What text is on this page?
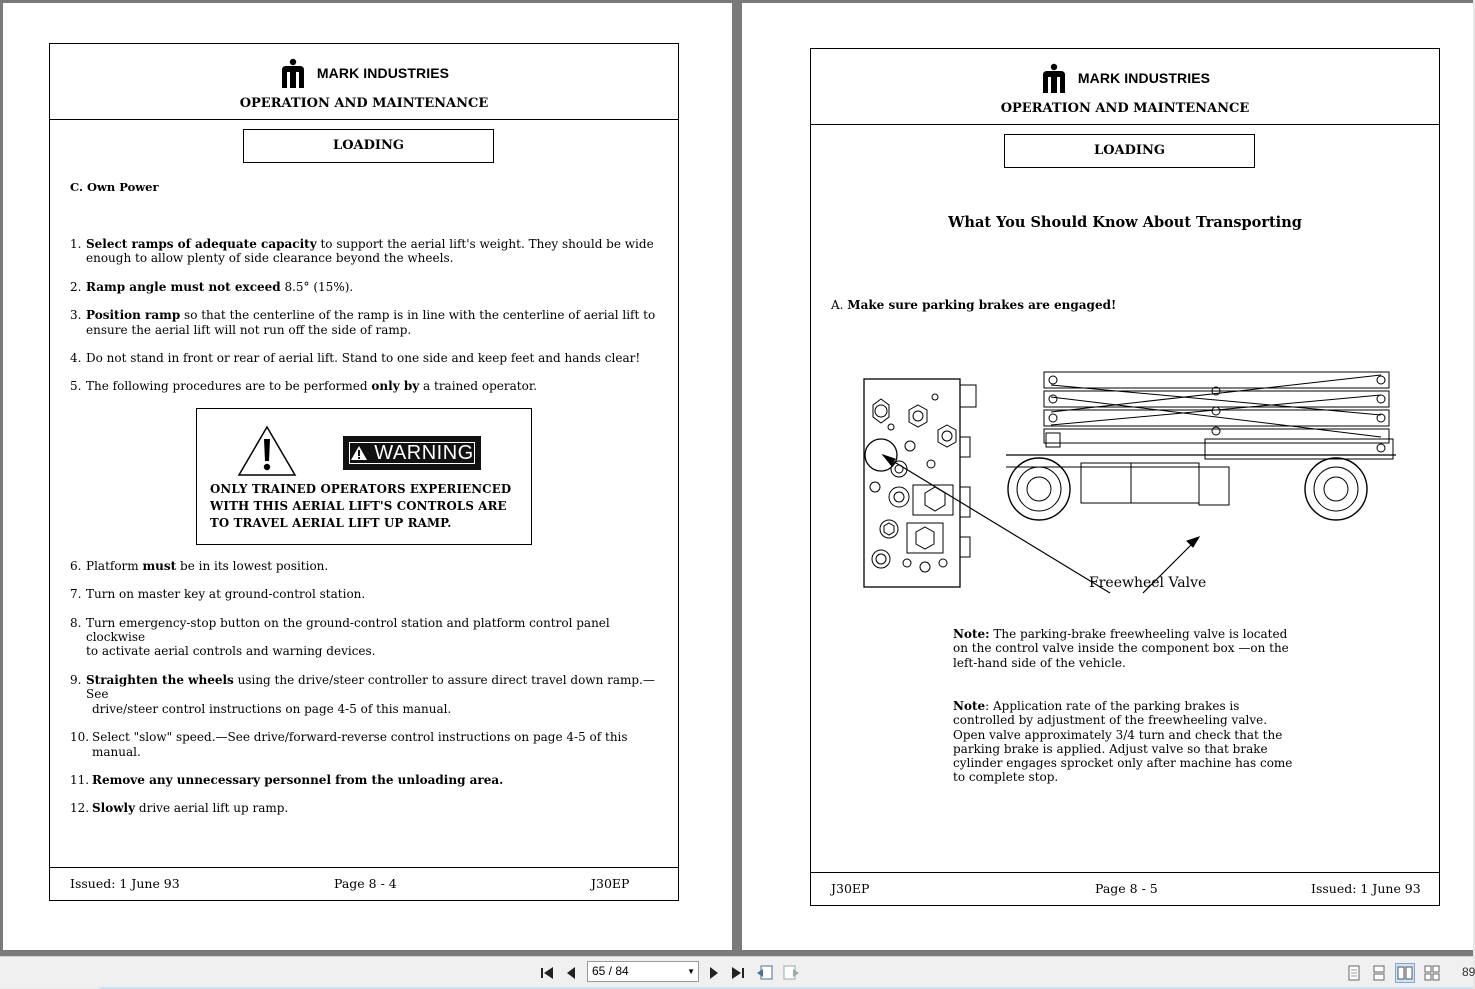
MARK INDUSTRIES
OPERATION AND MAINTENANCE
LOADING
C. Own Power
1. Select ramps of adequate capacity to support the aerial lift's weight. They should be wide
enough to allow plenty of side clearance beyond the wheels.
2. Ramp angle must not exceed 8.5° (15%).
3. Position ramp so that the centerline of the ramp is in line with the centerline of aerial lift to
ensure the aerial lift will not run off the side of ramp.
4. Do not stand in front or rear of aerial lift. Stand to one side and keep feet and hands clear!
5. The following procedures are to be performed only by a trained operator.
WARNING
ONLY TRAINED OPERATORS EXPERIENCED WITH THIS AERIAL LIFT'S CONTROLS ARE TO TRAVEL AERIAL LIFT UP RAMP.
6. Platform must be in its lowest position.
7. Turn on master key at ground-control station.
8. Turn emergency-stop button on the ground-control station and platform control panel clockwise
to activate aerial controls and warning devices.
9. Straighten the wheels using the drive/steer controller to assure direct travel down ramp.—See
drive/steer control instructions on page 4-5 of this manual.
10. Select "slow" speed.—See drive/forward-reverse control instructions on page 4-5 of this manual.
11. Remove any unnecessary personnel from the unloading area.
12. Slowly drive aerial lift up ramp.
Issued: 1 June 93	Page 8 - 4	J30EP
MARK INDUSTRIES
OPERATION AND MAINTENANCE
LOADING
What You Should Know About Transporting
A. Make sure parking brakes are engaged!
Freewheel Valve
Note: The parking-brake freewheeling valve is located on the control valve inside the component box —on the left-hand side of the vehicle.
Note: Application rate of the parking brakes is controlled by adjustment of the freewheeling valve. Open valve approximately 3/4 turn and check that the parking brake is applied. Adjust valve so that brake cylinder engages sprocket only after machine has come to complete stop.
J30EP	Page 8 - 5	Issued: 1 June 93
65 / 84	▼	89
